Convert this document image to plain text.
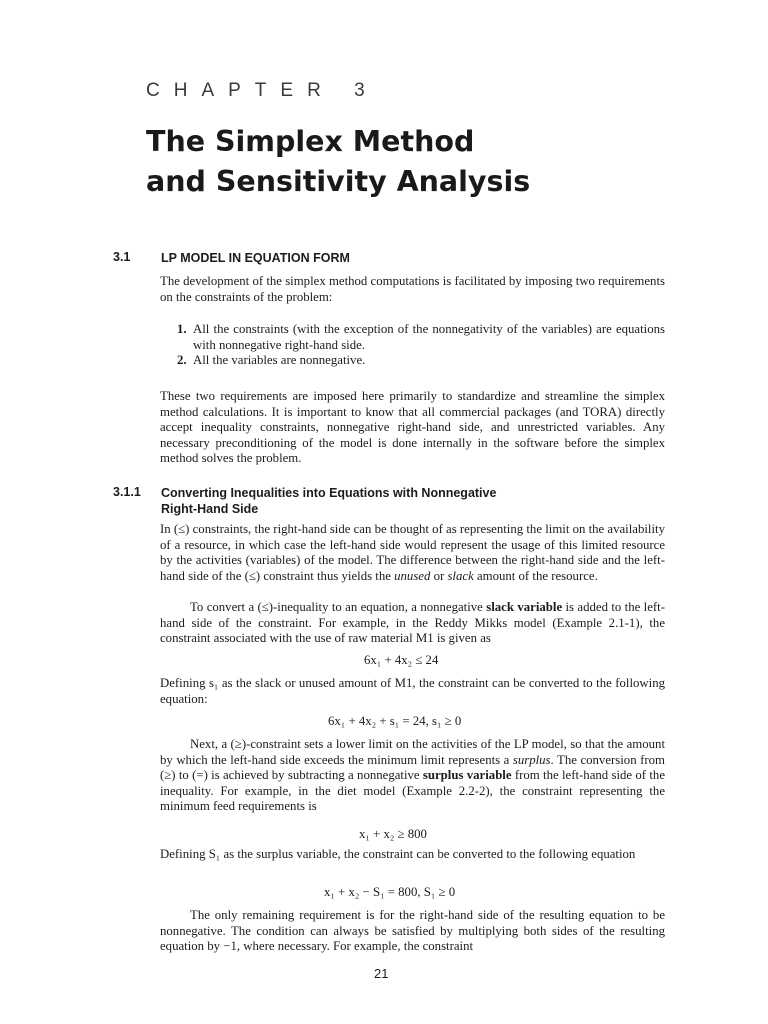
CHAPTER 3
The Simplex Method
and Sensitivity Analysis
3.1 LP MODEL IN EQUATION FORM
The development of the simplex method computations is facilitated by imposing two requirements on the constraints of the problem:
1. All the constraints (with the exception of the nonnegativity of the variables) are equations with nonnegative right-hand side.
2. All the variables are nonnegative.
These two requirements are imposed here primarily to standardize and streamline the simplex method calculations. It is important to know that all commercial packages (and TORA) directly accept inequality constraints, nonnegative right-hand side, and unrestricted variables. Any necessary preconditioning of the model is done internally in the software before the simplex method solves the problem.
3.1.1 Converting Inequalities into Equations with Nonnegative
Right-Hand Side
In (≤) constraints, the right-hand side can be thought of as representing the limit on the availability of a resource, in which case the left-hand side would represent the usage of this limited resource by the activities (variables) of the model. The difference between the right-hand side and the left-hand side of the (≤) constraint thus yields the unused or slack amount of the resource.
To convert a (≤)-inequality to an equation, a nonnegative slack variable is added to the left-hand side of the constraint. For example, in the Reddy Mikks model (Example 2.1-1), the constraint associated with the use of raw material M1 is given as
6x₁ + 4x₂ ≤ 24
Defining s₁ as the slack or unused amount of M1, the constraint can be converted to the following equation:
6x₁ + 4x₂ + s₁ = 24, s₁ ≥ 0
Next, a (≥)-constraint sets a lower limit on the activities of the LP model, so that the amount by which the left-hand side exceeds the minimum limit represents a surplus. The conversion from (≥) to (=) is achieved by subtracting a nonnegative surplus variable from the left-hand side of the inequality. For example, in the diet model (Example 2.2-2), the constraint representing the minimum feed requirements is
x₁ + x₂ ≥ 800
Defining S₁ as the surplus variable, the constraint can be converted to the following equation
x₁ + x₂ − S₁ = 800, S₁ ≥ 0
The only remaining requirement is for the right-hand side of the resulting equation to be nonnegative. The condition can always be satisfied by multiplying both sides of the resulting equation by −1, where necessary. For example, the constraint
21
